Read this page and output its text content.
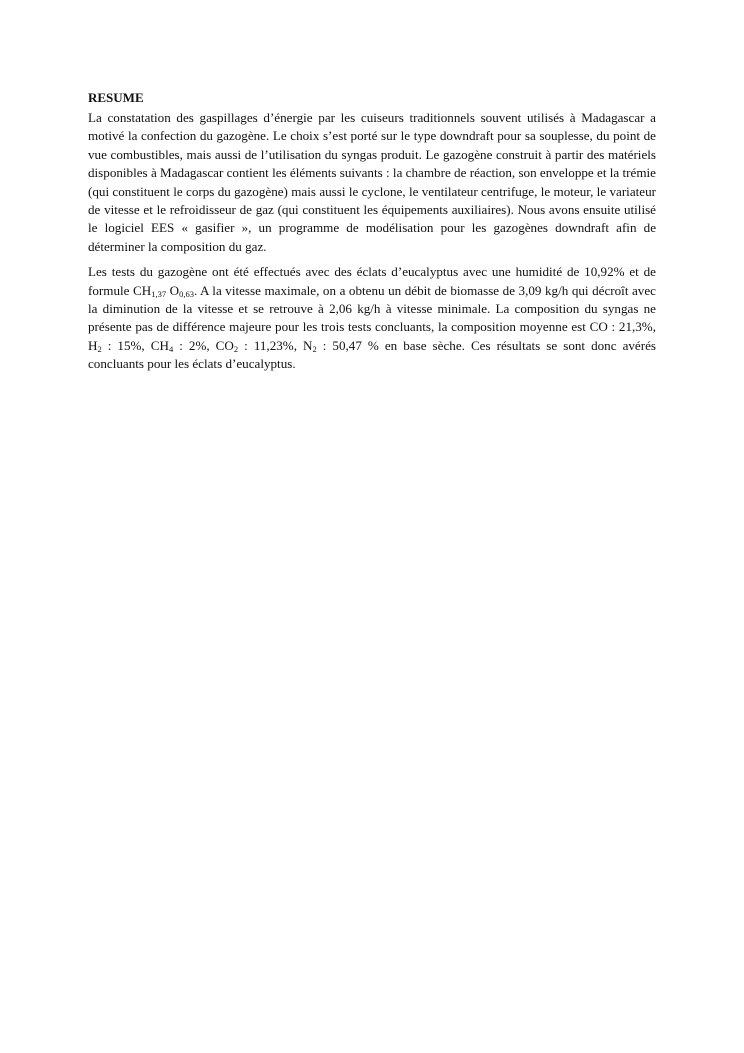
RESUME

La constatation des gaspillages d’énergie par les cuiseurs traditionnels souvent utilisés à Madagascar a motivé la confection du gazogène. Le choix s’est porté sur le type downdraft pour sa souplesse, du point de vue combustibles, mais aussi de l’utilisation du syngas produit. Le gazogène construit à partir des matériels disponibles à Madagascar contient les éléments suivants : la chambre de réaction, son enveloppe et la trémie (qui constituent le corps du gazogène) mais aussi le cyclone, le ventilateur centrifuge, le moteur, le variateur de vitesse et le refroidisseur de gaz (qui constituent les équipements auxiliaires). Nous avons ensuite utilisé le logiciel EES « gasifier », un programme de modélisation pour les gazogènes downdraft afin de déterminer la composition du gaz.

Les tests du gazogène ont été effectués avec des éclats d’eucalyptus avec une humidité de 10,92% et de formule $CH_{1,37}$ $O_{0,63}$. A la vitesse maximale, on a obtenu un débit de biomasse de 3,09 kg/h qui décroît avec la diminution de la vitesse et se retrouve à 2,06 kg/h à vitesse minimale. La composition du syngas ne présente pas de différence majeure pour les trois tests concluants, la composition moyenne est CO : 21,3%, $H_2$ : 15%, $CH_4$ : 2%, $CO_2$ : 11,23%, $N_2$ : 50,47 % en base sèche. Ces résultats se sont donc avérés concluants pour les éclats d’eucalyptus.
